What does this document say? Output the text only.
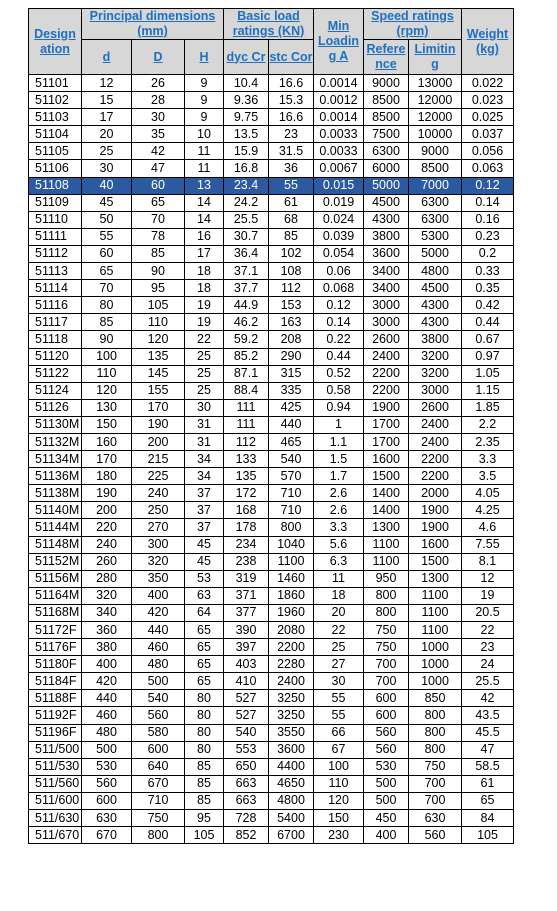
Design ation	Principal dimensions (mm)			Basic load ratings (KN)		Min Loadin g A	Speed ratings (rpm)		Weight (kg)
	d	D	H	dyc Cr	stc Cor		Refere nce	Limitin g	
51101	12	26	9	10.4	16.6	0.0014	9000	13000	0.022
51102	15	28	9	9.36	15.3	0.0012	8500	12000	0.023
51103	17	30	9	9.75	16.6	0.0014	8500	12000	0.025
51104	20	35	10	13.5	23	0.0033	7500	10000	0.037
51105	25	42	11	15.9	31.5	0.0033	6300	9000	0.056
51106	30	47	11	16.8	36	0.0067	6000	8500	0.063
51108	40	60	13	23.4	55	0.015	5000	7000	0.12
51109	45	65	14	24.2	61	0.019	4500	6300	0.14
51110	50	70	14	25.5	68	0.024	4300	6300	0.16
51111	55	78	16	30.7	85	0.039	3800	5300	0.23
51112	60	85	17	36.4	102	0.054	3600	5000	0.2
51113	65	90	18	37.1	108	0.06	3400	4800	0.33
51114	70	95	18	37.7	112	0.068	3400	4500	0.35
51116	80	105	19	44.9	153	0.12	3000	4300	0.42
51117	85	110	19	46.2	163	0.14	3000	4300	0.44
51118	90	120	22	59.2	208	0.22	2600	3800	0.67
51120	100	135	25	85.2	290	0.44	2400	3200	0.97
51122	110	145	25	87.1	315	0.52	2200	3200	1.05
51124	120	155	25	88.4	335	0.58	2200	3000	1.15
51126	130	170	30	111	425	0.94	1900	2600	1.85
51130M	150	190	31	111	440	1	1700	2400	2.2
51132M	160	200	31	112	465	1.1	1700	2400	2.35
51134M	170	215	34	133	540	1.5	1600	2200	3.3
51136M	180	225	34	135	570	1.7	1500	2200	3.5
51138M	190	240	37	172	710	2.6	1400	2000	4.05
51140M	200	250	37	168	710	2.6	1400	1900	4.25
51144M	220	270	37	178	800	3.3	1300	1900	4.6
51148M	240	300	45	234	1040	5.6	1100	1600	7.55
51152M	260	320	45	238	1100	6.3	1100	1500	8.1
51156M	280	350	53	319	1460	11	950	1300	12
51164M	320	400	63	371	1860	18	800	1100	19
51168M	340	420	64	377	1960	20	800	1100	20.5
51172F	360	440	65	390	2080	22	750	1100	22
51176F	380	460	65	397	2200	25	750	1000	23
51180F	400	480	65	403	2280	27	700	1000	24
51184F	420	500	65	410	2400	30	700	1000	25.5
51188F	440	540	80	527	3250	55	600	850	42
51192F	460	560	80	527	3250	55	600	800	43.5
51196F	480	580	80	540	3550	66	560	800	45.5
511/500	500	600	80	553	3600	67	560	800	47
511/530	530	640	85	650	4400	100	530	750	58.5
511/560	560	670	85	663	4650	110	500	700	61
511/600	600	710	85	663	4800	120	500	700	65
511/630	630	750	95	728	5400	150	450	630	84
511/670	670	800	105	852	6700	230	400	560	105
